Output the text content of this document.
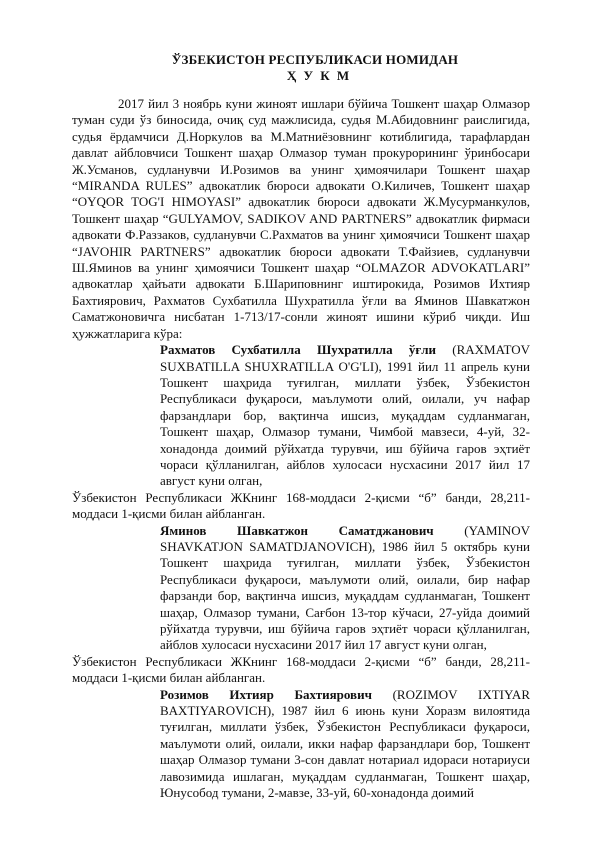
ЎЗБЕКИСТОН РЕСПУБЛИКАСИ НОМИДАН
Ҳ У К М

2017 йил 3 ноябрь куни жиноят ишлари бўйича Тошкент шаҳар Олмазор туман суди ўз биносида, очиқ суд мажлисида, судья М.Абидовнинг раислигида, судья ёрдамчиси Д.Норкулов ва М.Матниёзовнинг котиблигида, тарафлардан давлат айбловчиси Тошкент шаҳар Олмазор туман прокурорининг ўринбосари Ж.Усманов, судланувчи И.Розимов ва унинг ҳимоячилари Тошкент шаҳар “MIRANDA RULES” адвокатлик бюроси адвокати О.Киличев, Тошкент шаҳар “OYQOR TOG'I HIMOYASI” адвокатлик бюроси адвокати Ж.Мусурманкулов, Тошкент шаҳар “GULYAMOV, SADIKOV AND PARTNERS” адвокатлик фирмаси адвокати Ф.Раззаков, судланувчи С.Рахматов ва унинг ҳимоячиси Тошкент шаҳар “JAVOHIR PARTNERS” адвокатлик бюроси адвокати Т.Файзиев, судланувчи Ш.Яминов ва унинг ҳимоячиси Тошкент шаҳар “OLMAZOR ADVOKATLARI” адвокатлар ҳайъати адвокати Б.Шариповнинг иштирокида, Розимов Ихтияр Бахтиярович, Рахматов Сухбатилла Шухратилла ўғли ва Яминов Шавкатжон Саматжоновичга нисбатан 1-713/17-сонли жиноят ишини кўриб чиқди. Иш ҳужжатларига кўра:

Рахматов Сухбатилла Шухратилла ўғли (RAXMATOV SUXBATILLA SHUXRATILLA O'G'LI), 1991 йил 11 апрель куни Тошкент шаҳрида туғилган, миллати ўзбек, Ўзбекистон Республикаси фуқароси, маълумоти олий, оилали, уч нафар фарзандлари бор, вақтинча ишсиз, муқаддам судланмаган, Тошкент шаҳар, Олмазор тумани, Чимбой мавзеси, 4-уй, 32-хонадонда доимий рўйхатда турувчи, иш бўйича гаров эҳтиёт чораси қўлланилган, айблов хулосаси нусхасини 2017 йил 17 август куни олган,

Ўзбекистон Республикаси ЖКнинг 168-моддаси 2-қисми “б” банди, 28,211-моддаси 1-қисми билан айбланган.

Яминов Шавкатжон Саматджанович (YAMINOV SHAVKATJON SAMATDJANOVICH), 1986 йил 5 октябрь куни Тошкент шаҳрида туғилган, миллати ўзбек, Ўзбекистон Республикаси фуқароси, маълумоти олий, оилали, бир нафар фарзанди бор, вақтинча ишсиз, муқаддам судланмаган, Тошкент шаҳар, Олмазор тумани, Сағбон 13-тор кўчаси, 27-уйда доимий рўйхатда турувчи, иш бўйича гаров эҳтиёт чораси қўлланилган, айблов хулосаси нусхасини 2017 йил 17 август куни олган,

Ўзбекистон Республикаси ЖКнинг 168-моддаси 2-қисми “б” банди, 28,211-моддаси 1-қисми билан айбланган.

Розимов Ихтияр Бахтиярович (ROZIMOV IXTIYAR BAXTIYAROVICH), 1987 йил 6 июнь куни Хоразм вилоятида туғилган, миллати ўзбек, Ўзбекистон Республикаси фуқароси, маълумоти олий, оилали, икки нафар фарзандлари бор, Тошкент шаҳар Олмазор тумани 3-сон давлат нотариал идораси нотариуси лавозимида ишлаган, муқаддам судланмаган, Тошкент шаҳар, Юнусобод тумани, 2-мавзе, 33-уй, 60-хонадонда доимий
